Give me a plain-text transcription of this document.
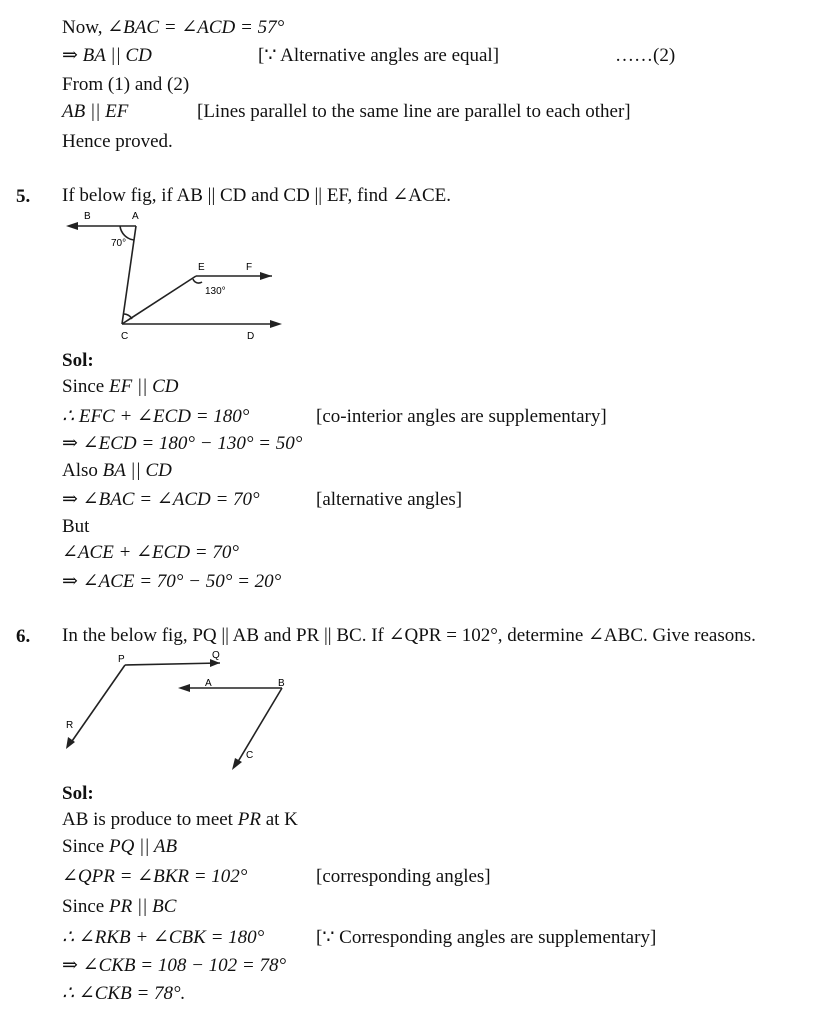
Now, ∠BAC = ∠ACD = 57°
⇒ BA || CD	[∵ Alternative angles are equal]	……(2)
From (1) and (2)
AB || EF	[Lines parallel to the same line are parallel to each other]
Hence proved.
5. If below fig, if AB || CD and CD || EF, find ∠ACE.
B	A
70°
E	F
130°
C	D
Sol:
Since EF || CD
∴ EFC + ∠ECD = 180°	[co-interior angles are supplementary]
⇒ ∠ECD = 180° − 130° = 50°
Also BA || CD
⇒ ∠BAC = ∠ACD = 70°	[alternative angles]
But
∠ACE + ∠ECD = 70°
⇒ ∠ACE = 70° − 50° = 20°
6. In the below fig, PQ || AB and PR || BC. If ∠QPR = 102°, determine ∠ABC. Give reasons.
P	Q
A	B
R
C
Sol:
AB is produce to meet PR at K
Since PQ || AB
∠QPR = ∠BKR = 102°	[corresponding angles]
Since PR || BC
∴ ∠RKB + ∠CBK = 180°	[∵ Corresponding angles are supplementary]
⇒ ∠CKB = 108 − 102 = 78°
∴ ∠CKB = 78°.
